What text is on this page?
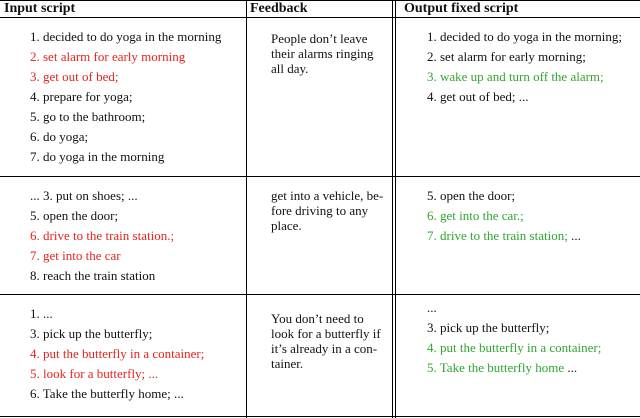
Input script	Feedback	Output fixed script
1. decided to do yoga in the morning
2. set alarm for early morning
3. get out of bed;
4. prepare for yoga;
5. go to the bathroom;
6. do yoga;
7. do yoga in the morning
People don’t leave
their alarms ringing
all day.
1. decided to do yoga in the morning;
2. set alarm for early morning;
3. wake up and turn off the alarm;
4. get out of bed; ...
... 3. put on shoes; ...
5. open the door;
6. drive to the train station.;
7. get into the car
8. reach the train station
get into a vehicle, be-
fore driving to any
place.
5. open the door;
6. get into the car.;
7. drive to the train station; ...
1. ...
3. pick up the butterfly;
4. put the butterfly in a container;
5. look for a butterfly; ...
6. Take the butterfly home; ...
You don’t need to
look for a butterfly if
it’s already in a con-
tainer.
...
3. pick up the butterfly;
4. put the butterfly in a container;
5. Take the butterfly home ...
